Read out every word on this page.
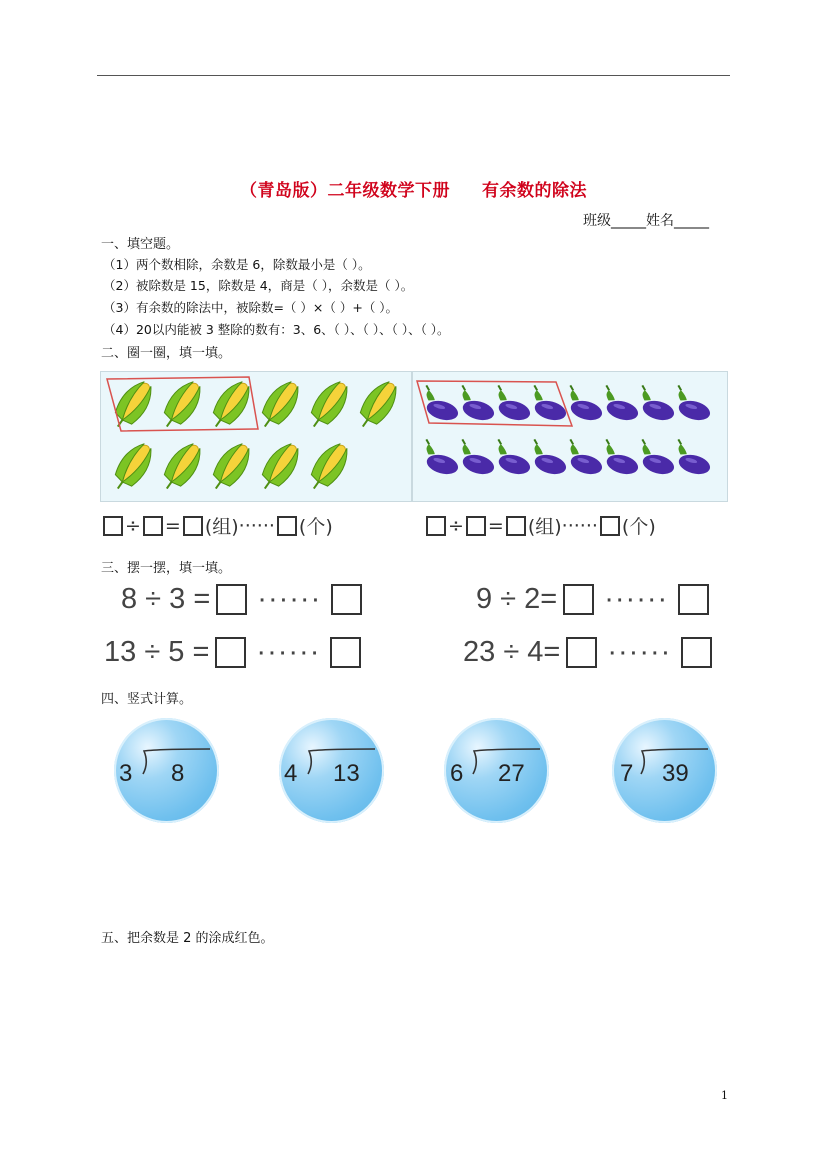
（青岛版）二年级数学下册 有余数的除法
班级_____姓名_____
一、填空题。
（1）两个数相除，余数是 6，除数最小是（ ）。
（2）被除数是 15，除数是 4，商是（ ），余数是（ ）。
（3）有余数的除法中，被除数=（ ）×（ ）+（ ）。
（4）20以内能被 3 整除的数有：3、6、（ ）、（ ）、（ ）、（ ）。
二、圈一圈，填一填。
÷ = (组) ······ (个)	÷ = (组) ······ (个)
三、摆一摆，填一填。
8 ÷ 3 = ······	9 ÷ 2= ······
13 ÷ 5 = ······	23 ÷ 4= ······
四、竖式计算。
3 8	4 13	6 27	7 39
五、把余数是 2 的涂成红色。
1
